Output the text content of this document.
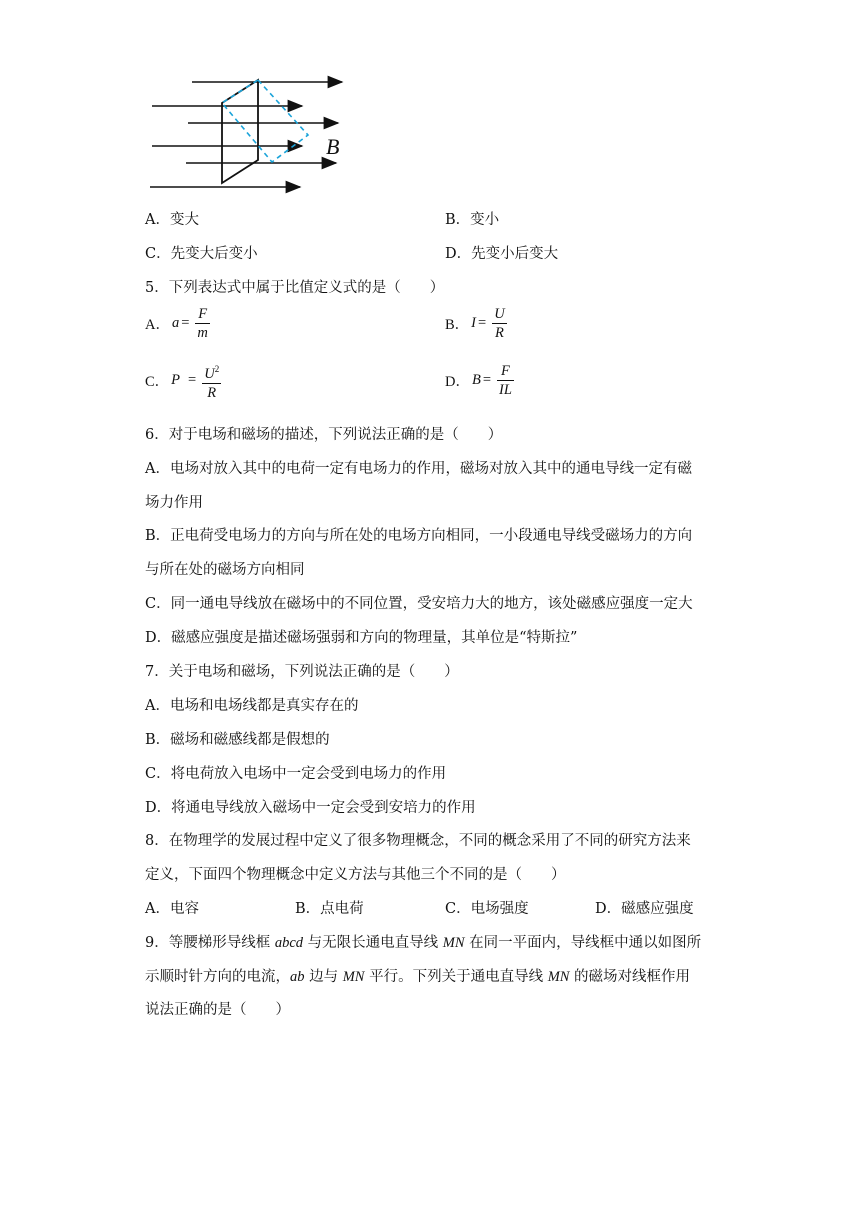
B
A．变大	B．变小
C．先变大后变小	D．先变小后变大
5．下列表达式中属于比值定义式的是（　　）
A． $a = \frac{F}{m}$	B． $I = \frac{U}{R}$
C． $P = \frac{U^2}{R}$	D． $B = \frac{F}{IL}$
6．对于电场和磁场的描述，下列说法正确的是（　　）
A．电场对放入其中的电荷一定有电场力的作用，磁场对放入其中的通电导线一定有磁
场力作用
B．正电荷受电场力的方向与所在处的电场方向相同，一小段通电导线受磁场力的方向
与所在处的磁场方向相同
C．同一通电导线放在磁场中的不同位置，受安培力大的地方，该处磁感应强度一定大
D．磁感应强度是描述磁场强弱和方向的物理量，其单位是“特斯拉”
7．关于电场和磁场，下列说法正确的是（　　）
A．电场和电场线都是真实存在的
B．磁场和磁感线都是假想的
C．将电荷放入电场中一定会受到电场力的作用
D．将通电导线放入磁场中一定会受到安培力的作用
8．在物理学的发展过程中定义了很多物理概念，不同的概念采用了不同的研究方法来
定义，下面四个物理概念中定义方法与其他三个不同的是（　　）
A．电容	B．点电荷	C．电场强度	D．磁感应强度
9．等腰梯形导线框 abcd 与无限长通电直导线 MN 在同一平面内，导线框中通以如图所
示顺时针方向的电流，ab 边与 MN 平行。下列关于通电直导线 MN 的磁场对线框作用
说法正确的是（　　）
